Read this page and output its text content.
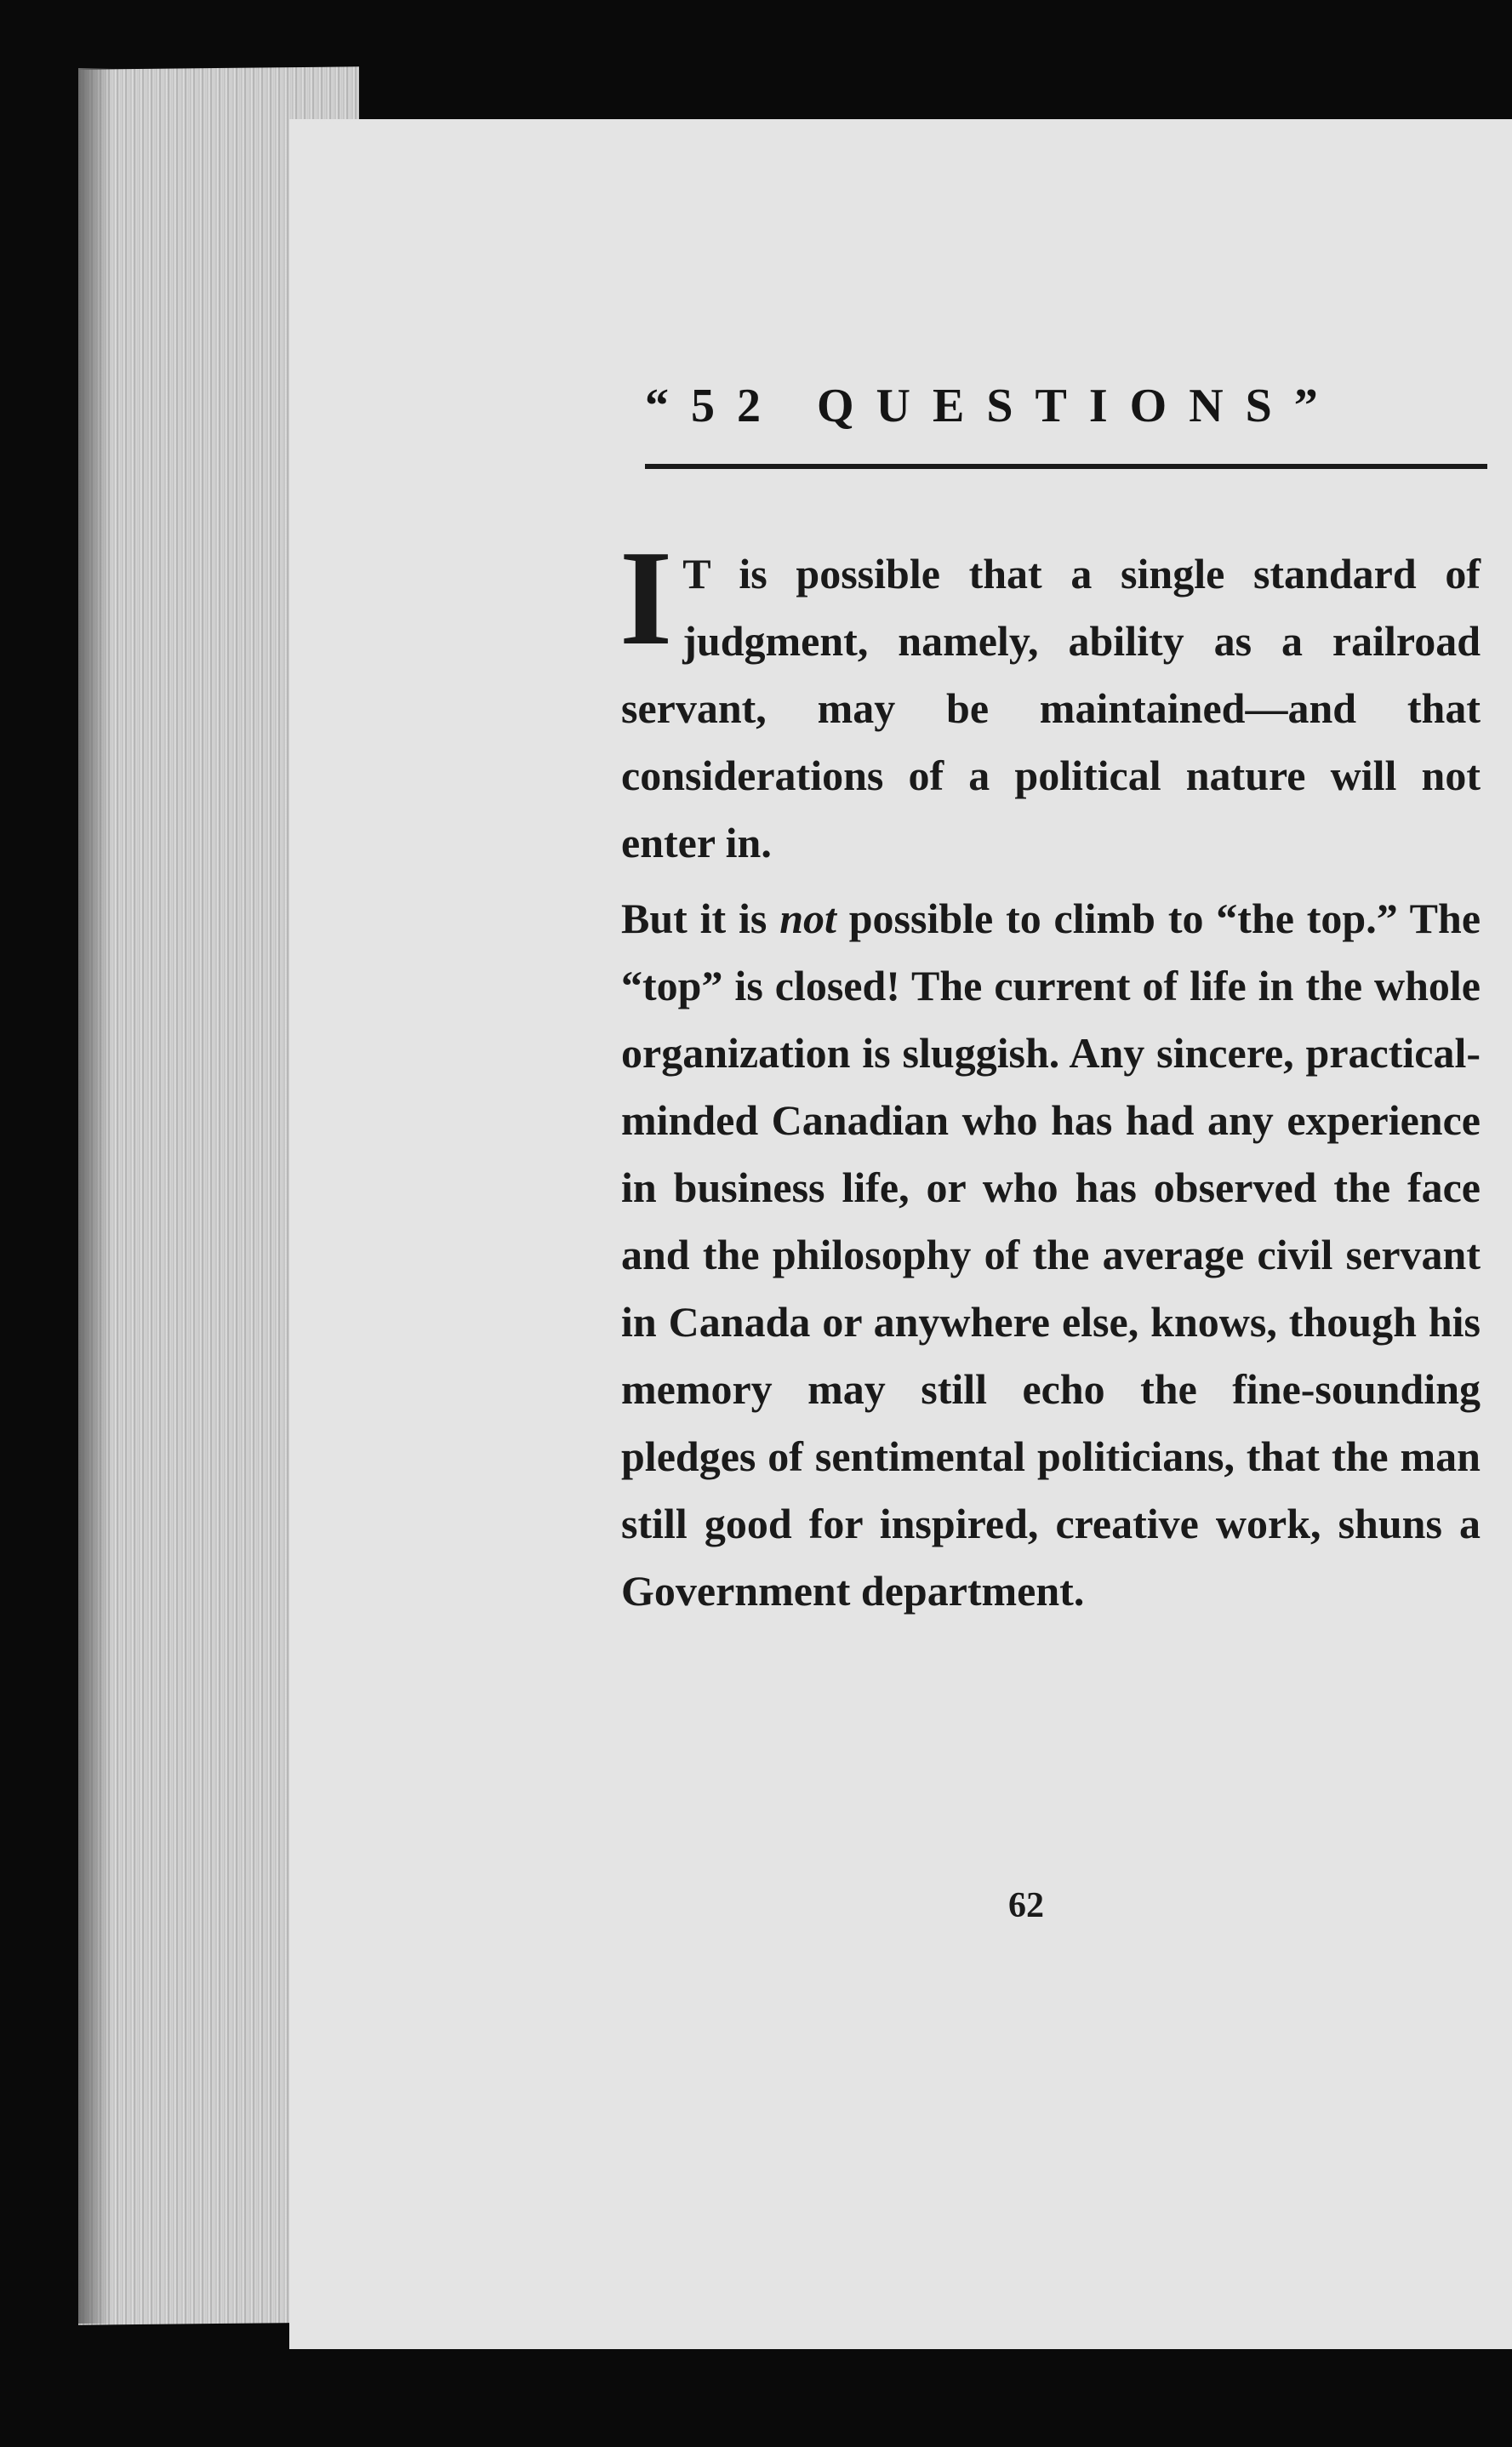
“52 QUESTIONS”

I T is possible that a single standard of judgment, namely, ability as a railroad servant, may be maintained—and that considerations of a political nature will not enter in.

But it is not possible to climb to “the top.” The “top” is closed! The current of life in the whole organization is sluggish. Any sincere, practical-minded Canadian who has had any experience in business life, or who has observed the face and the philosophy of the average civil servant in Canada or anywhere else, knows, though his memory may still echo the fine-sounding pledges of sentimental politicians, that the man still good for inspired, creative work, shuns a Government department.

62
